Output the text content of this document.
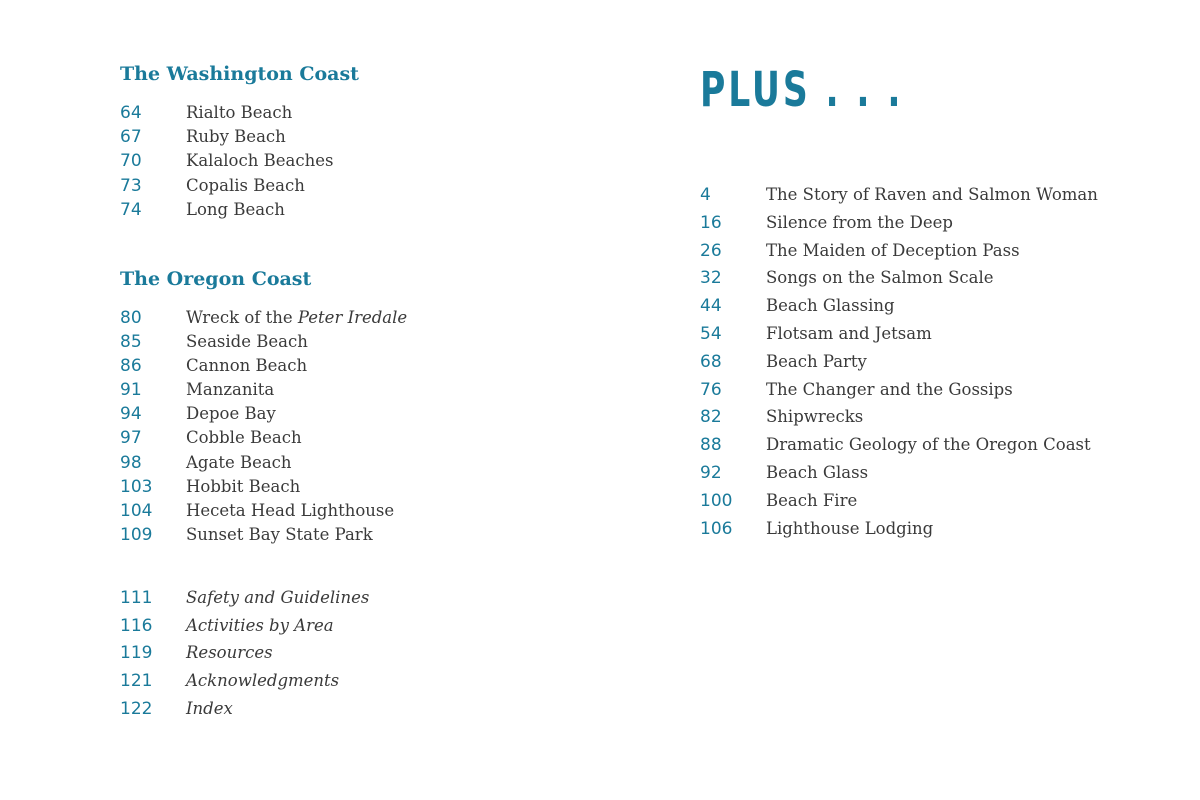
The Washington Coast
64	Rialto Beach
67	Ruby Beach
70	Kalaloch Beaches
73	Copalis Beach
74	Long Beach
The Oregon Coast
80	Wreck of the Peter Iredale
85	Seaside Beach
86	Cannon Beach
91	Manzanita
94	Depoe Bay
97	Cobble Beach
98	Agate Beach
103	Hobbit Beach
104	Heceta Head Lighthouse
109	Sunset Bay State Park
111	Safety and Guidelines
116	Activities by Area
119	Resources
121	Acknowledgments
122	Index
PLUS . . .
4	The Story of Raven and Salmon Woman
16	Silence from the Deep
26	The Maiden of Deception Pass
32	Songs on the Salmon Scale
44	Beach Glassing
54	Flotsam and Jetsam
68	Beach Party
76	The Changer and the Gossips
82	Shipwrecks
88	Dramatic Geology of the Oregon Coast
92	Beach Glass
100	Beach Fire
106	Lighthouse Lodging
